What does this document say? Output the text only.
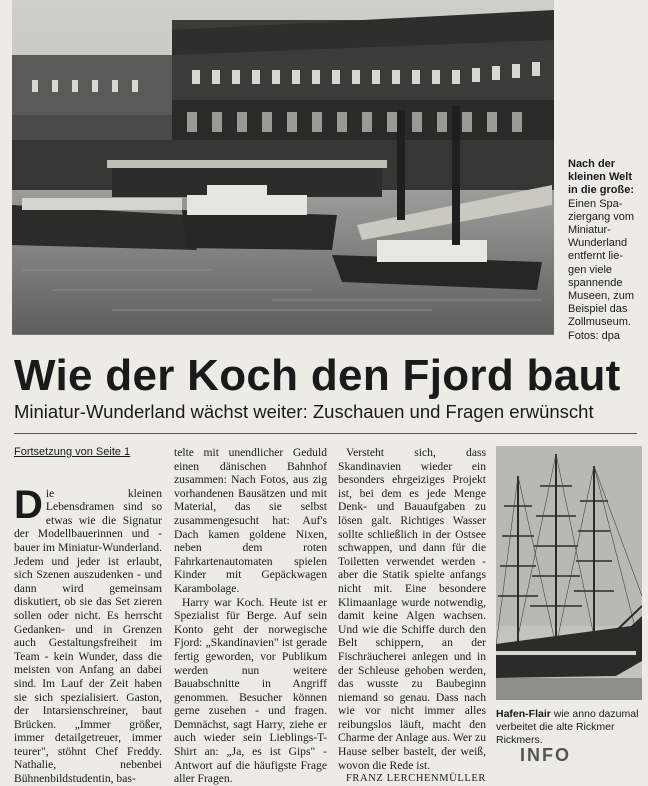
Nach der
kleinen Welt
in die große:
Einen Spa-
ziergang vom
Miniatur-
Wunderland
entfernt lie-
gen viele
spannende
Museen, zum
Beispiel das
Zollmuseum.
Fotos: dpa
Wie der Koch den Fjord baut
Miniatur-Wunderland wächst weiter: Zuschauen und Fragen erwünscht
Fortsetzung von Seite 1

Die kleinen Lebensdramen sind so etwas wie die Signatur der Modellbauerinnen und -bauer im Miniatur-Wunderland. Jedem und jeder ist erlaubt, sich Szenen auszudenken - und dann wird gemeinsam diskutiert, ob sie das Set zieren sollen oder nicht. Es herrscht Gedanken- und in Grenzen auch Gestaltungsfreiheit im Team - kein Wunder, dass die meisten von Anfang an dabei sind. Im Lauf der Zeit haben sie sich spezialisiert. Gaston, der Intarsienschreiner, baut Brücken. „Immer größer, immer detailgetreuer, immer teurer", stöhnt Chef Freddy. Nathalie, nebenbei Bühnenbildstudentin, bas-

telte mit unendlicher Geduld einen dänischen Bahnhof zusammen: Nach Fotos, aus zig vorhandenen Bausätzen und mit Material, das sie selbst zusammengesucht hat: Auf's Dach kamen goldene Nixen, neben dem roten Fahrkartenautomaten spielen Kinder mit Gepäckwagen Karambolage.

Harry war Koch. Heute ist er Spezialist für Berge. Auf sein Konto geht der norwegische Fjord: „Skandinavien" ist gerade fertig geworden, vor Publikum werden nun weitere Bauabschnitte in Angriff genommen. Besucher können gerne zusehen - und fragen. Demnächst, sagt Harry, ziehe er auch wieder sein Lieblings-T-Shirt an: „Ja, es ist Gips" - Antwort auf die häufigste Frage aller Fragen.

Versteht sich, dass Skandinavien wieder ein besonders ehrgeiziges Projekt ist, bei dem es jede Menge Denk- und Bauaufgaben zu lösen galt. Richtiges Wasser sollte schließlich in der Ostsee schwappen, und dann für die Toiletten verwendet werden - aber die Statik spielte anfangs nicht mit. Eine besondere Klimaanlage wurde notwendig, damit keine Algen wachsen. Und wie die Schiffe durch den Belt schippern, an der Fischräucherei anlegen und in der Schleuse gehoben werden, das wusste zu Baubeginn niemand so genau. Dass nach wie vor nicht immer alles reibungslos läuft, macht den Charme der Anlage aus. Wer zu Hause selber bastelt, der weiß, wovon die Rede ist.

FRANZ LERCHENMÜLLER

Hafen-Flair wie anno dazumal verbeitet die alte Rickmer Rickmers.
INFO
